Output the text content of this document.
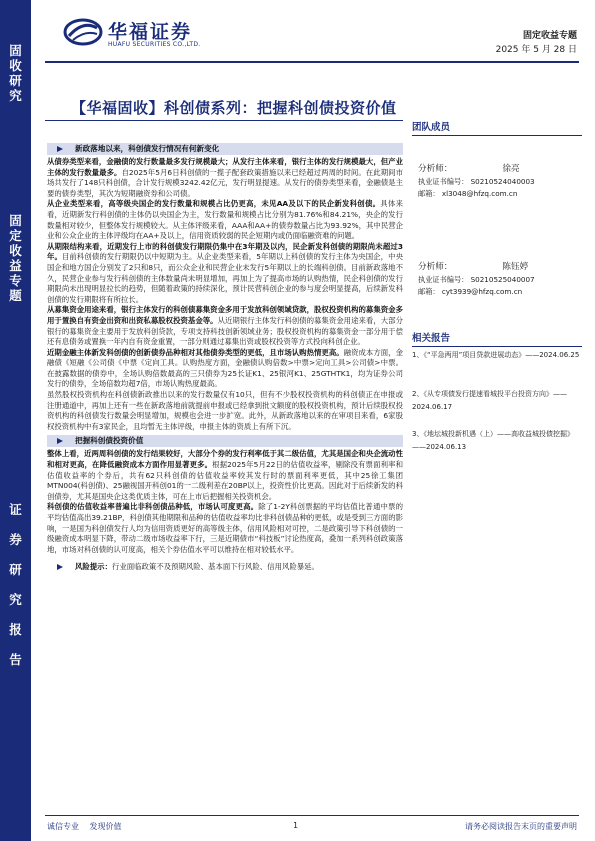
固
收
研
究
固
定
收
益
专
题
证
券
研
究
报
告
华福证券
HUAFU SECURITIES CO.,LTD.
固定收益专题
2025 年 5 月 28 日
【华福固收】科创债系列：把握科创债投资价值
新政落地以来，科创债发行情况有何新变化

从债券类型来看，金融债的发行数量最多发行规模最大；从发行主体来看，银行主体的发行规模最大，但产业主体的发行数量最多。自2025年5月6日科创债的一揽子配套政策措施以来已经超过两周的时间。在此期间市场共发行了148只科创债，合计发行规模3242.42亿元，发行明显提速。从发行的债券类型来看，金融债是主要的债券类型，其次为短期融资券和公司债。

从企业类型来看，高等级央国企的发行数量和规模占比仍更高，未见AA及以下的民企新发科创债。具体来看，近期新发行科创债的主体仍以央国企为主，发行数量和规模占比分别为81.76%和84.21%，央企的发行数量相对较少，但整体发行规模较大。从主体评级来看，AAA和AA+的债券数量占比为93.92%，其中民营企业和公众企业的主体评级均在AA+及以上，信用资质较弱的民企短期内或仍面临融资难的问题。

从期限结构来看，近期发行上市的科创债发行期限仍集中在3年期及以内，民企新发科创债的期限尚未超过3年。目前科创债的发行期限仍以中短期为主。从企业类型来看，5年期以上科创债的发行主体为央国企，中央国企和地方国企分别发了2只和8只，而公众企业和民营企业未发行5年期以上的长端科创债。目前新政落地不久，民营企业参与发行科创债的主体数量尚未明显增加，再加上为了提高市场的认购热情，民企科创债的发行期限尚未出现明显拉长的趋势，但随着政策的持续深化，预计民营科创企业的参与度会明显提高，后续新发科创债的发行期限将有所拉长。

从募集资金用途来看，银行主体发行的科创债募集资金多用于发放科创领域贷款，股权投资机构的募集资金多用于置换自有资金出资和出资私募股权投资基金等。从近期银行主体发行科创债的募集资金用途来看，大部分银行的募集资金主要用于发放科创贷款，专项支持科技创新领域业务；股权投资机构的募集资金一部分用于偿还有息债务或置换一年内自有资金重置，一部分则通过募集出资或股权投资等方式投向科创企业。

近期金融主体新发科创债的创新债券品种相对其他债券类型的更低，且市场认购热情更高。融资成本方面，金融债《短融《公司债《中票《定向工具。认购热度方面，金融债认购倍数>中票>定向工具>公司债>中票。在披露数据的债券中，全场认购倍数最高的三只债券为25长证K1、25银河K1、25GTHTK1，均为证券公司发行的债券，全场倍数均超7倍，市场认购热度最高。

虽然股权投资机构在科创债新政推出以来的发行数量仅有10只，但有不少股权投资机构的科创债正在申报或注册通道中，再加上还有一些在新政落地前就提前申报或已经拿到批文额度的股权投资机构，预计后续股权投资机构的科创债发行数量会明显增加，规模也会进一步扩宽。此外，从新政落地以来的在审项目来看，6家股权投资机构中有3家民企，且均暂无主体评级，申报主体的资质上有所下沉。

把握科创债投资价值

整体上看，近两周科创债的发行结果较好，大部分个券的发行利率低于其二级估值，尤其是国企和央企流动性和相对更高，在降低融资成本方面作用显著更多。根据2025年5月22日的估值收益率，剔除没有票面利率和估值收益率的个券后，共有62只科创债的估值收益率较其发行时的票面利率更低，其中25徐工集团MTN004(科创债)、25融视国开科创01的一二级利差在20BP以上，投资性价比更高。因此对于后续新发的科创债券，尤其是国央企这类优质主体，可在上市后把握相关投资机会。

科创债的估值收益率普遍比非科创债品种低，市场认可度更高。除了1-2Y科创票据的平均估值比普通中票的平均估值高出39.21BP，科创债其他期限和品种的估值收益率均比非科创债品种的更低，或是受到三方面的影响，一是国为科创债发行人均为信用资质更好的高等级主体，信用风险相对可控，二是政策引导下科创债的一级融资成本明显下降，带动二级市场收益率下行，三是近期债市“科技板”讨论热度高，叠加一系列科创政策落地，市场对科创债的认可度高，相关个券估值水平可以维持在相对较低水平。

风险提示：行业面临政策不及预期风险、基本面下行风险、信用风险暴延。
团队成员
分析师：	徐亮
执业证书编号： S0210524040003
邮箱： xl3048@hfzq.com.cn
分析师：	陈钰婷
执业证书编号： S0210525040007
邮箱： cyt3939@hfzq.com.cn
相关报告
1、《“平急两用”项目贷款进展动态》——2024.06.25
2、《从专项债发行提速看城投平台投资方向》——2024.06.17
3、《地坛城投新机遇（上）——高收益城投债挖掘》——2024.06.13
诚信专业 发现价值	1	请务必阅读报告末页的重要声明
